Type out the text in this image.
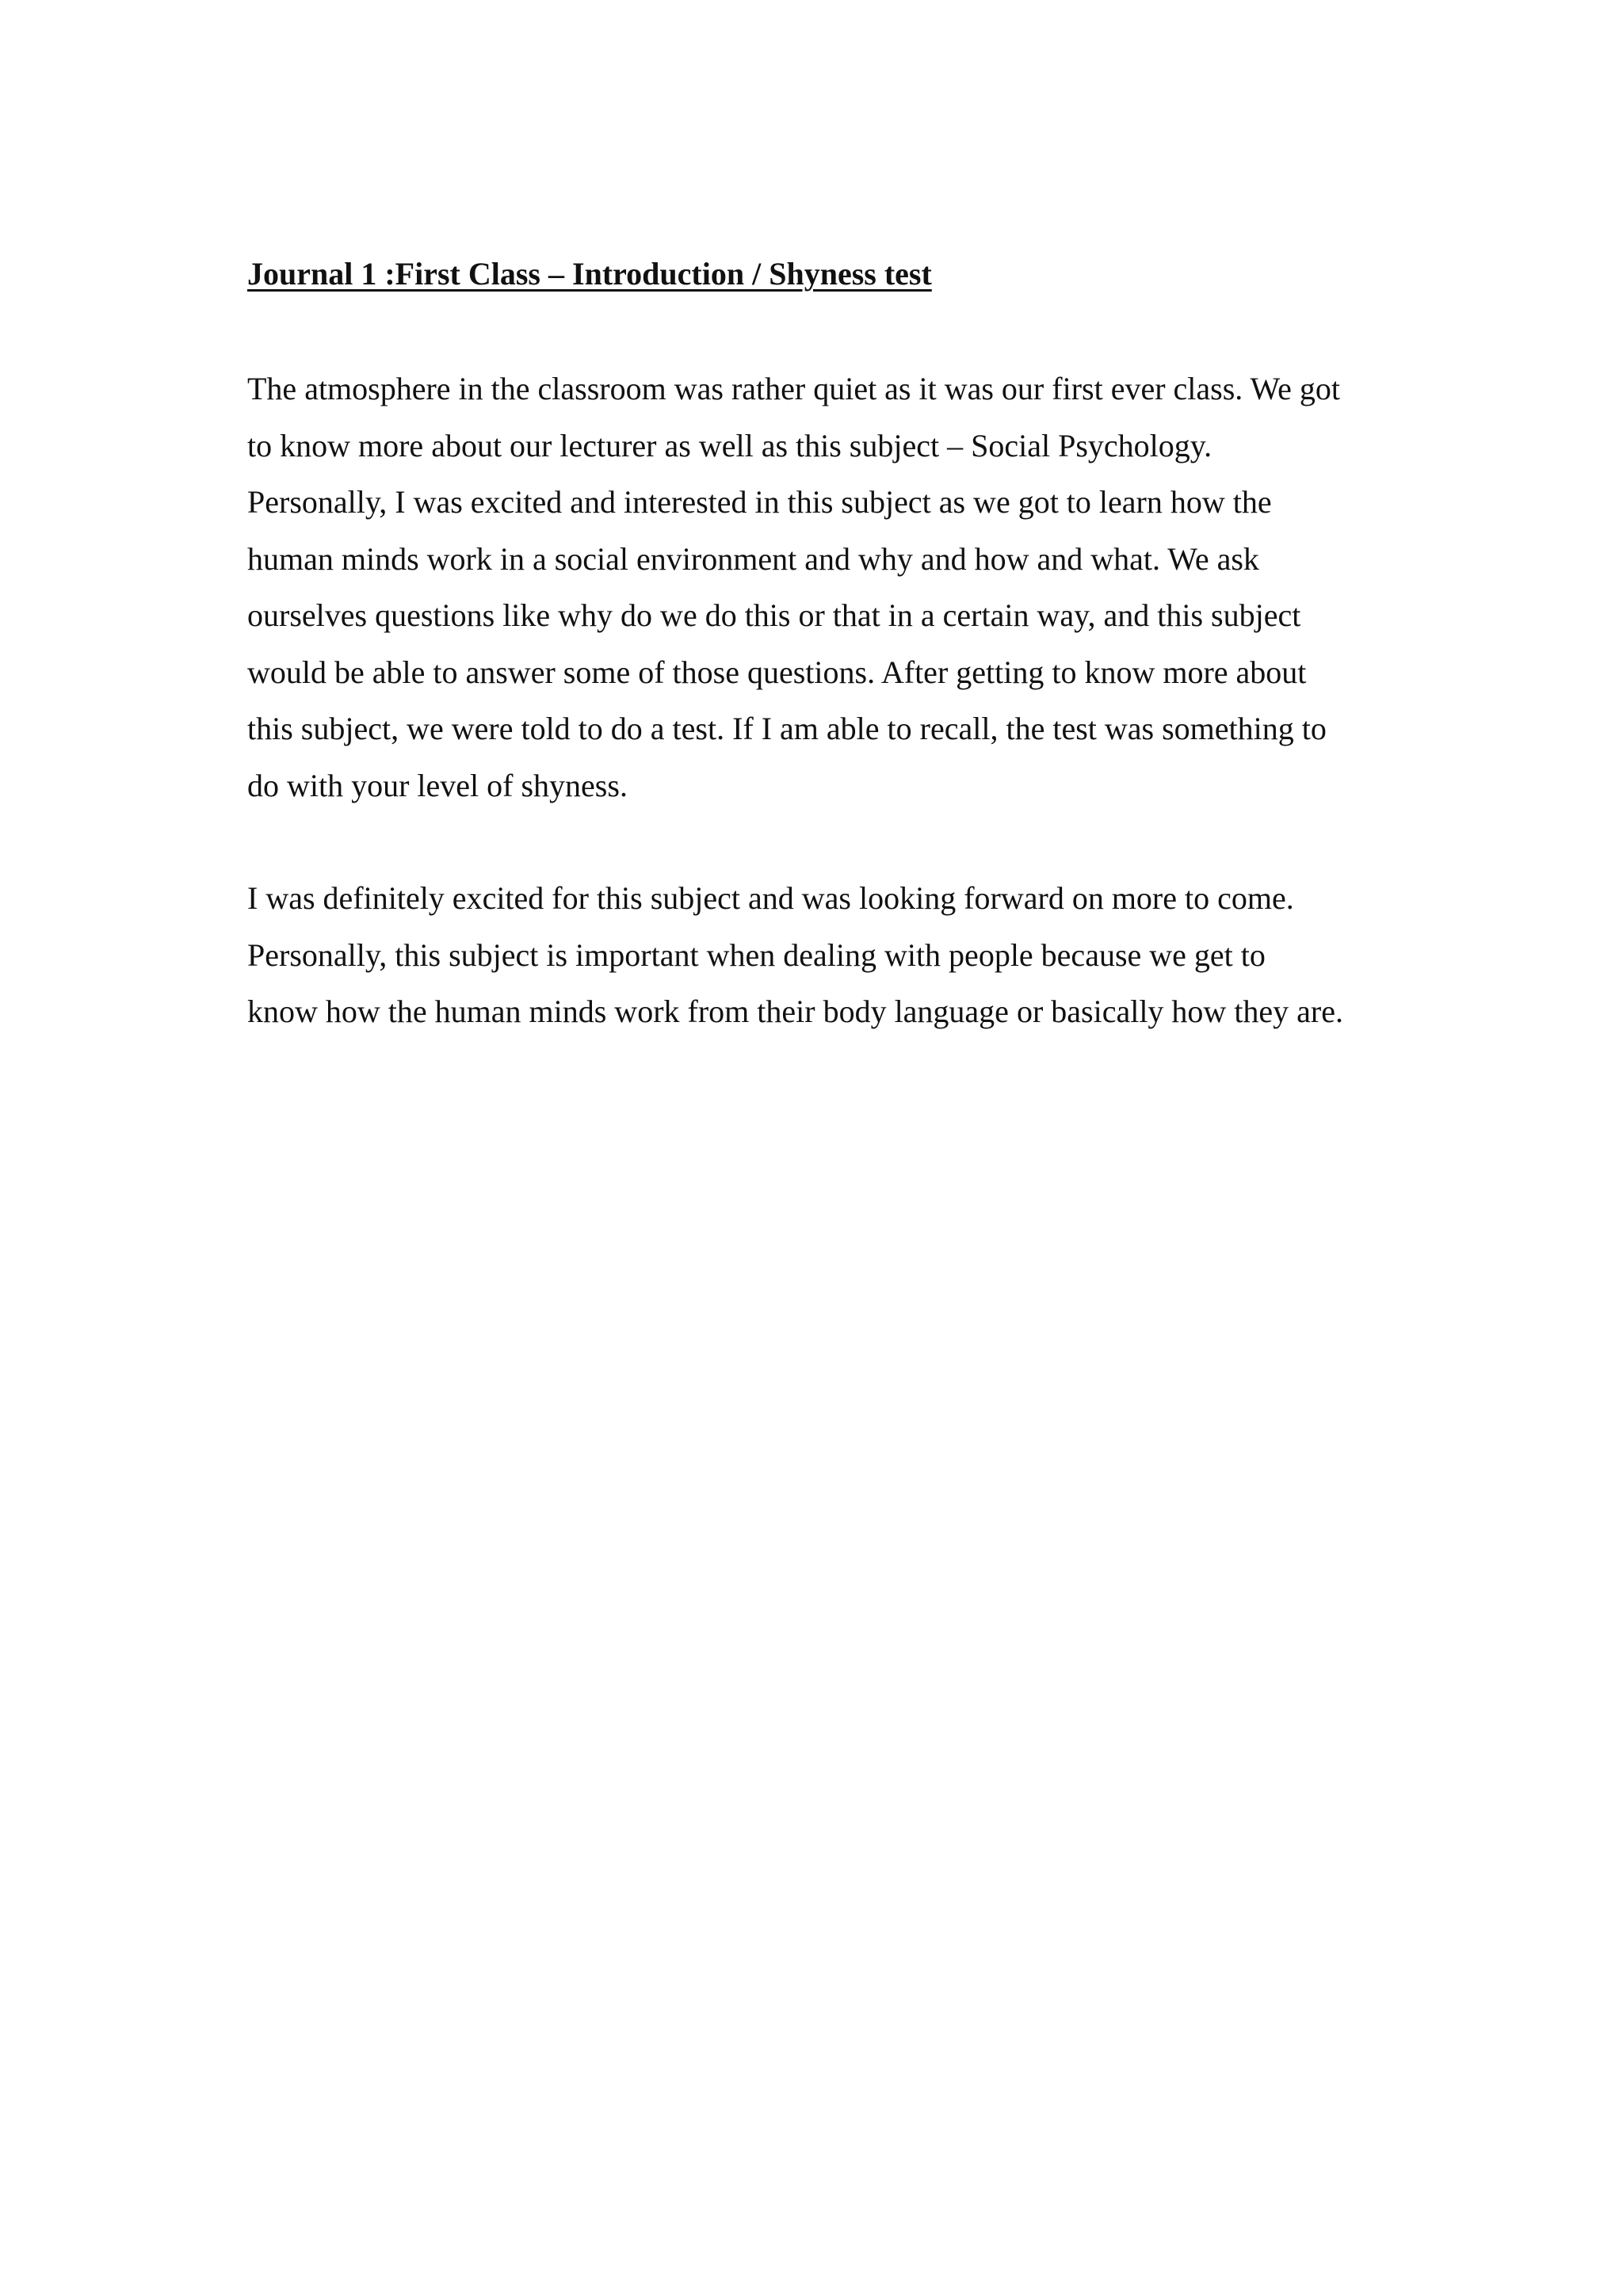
Journal 1 :First Class – Introduction / Shyness test

The atmosphere in the classroom was rather quiet as it was our first ever class. We got
to know more about our lecturer as well as this subject – Social Psychology.
Personally, I was excited and interested in this subject as we got to learn how the
human minds work in a social environment and why and how and what. We ask
ourselves questions like why do we do this or that in a certain way, and this subject
would be able to answer some of those questions. After getting to know more about
this subject, we were told to do a test. If I am able to recall, the test was something to
do with your level of shyness.

I was definitely excited for this subject and was looking forward on more to come.
Personally, this subject is important when dealing with people because we get to
know how the human minds work from their body language or basically how they are.
